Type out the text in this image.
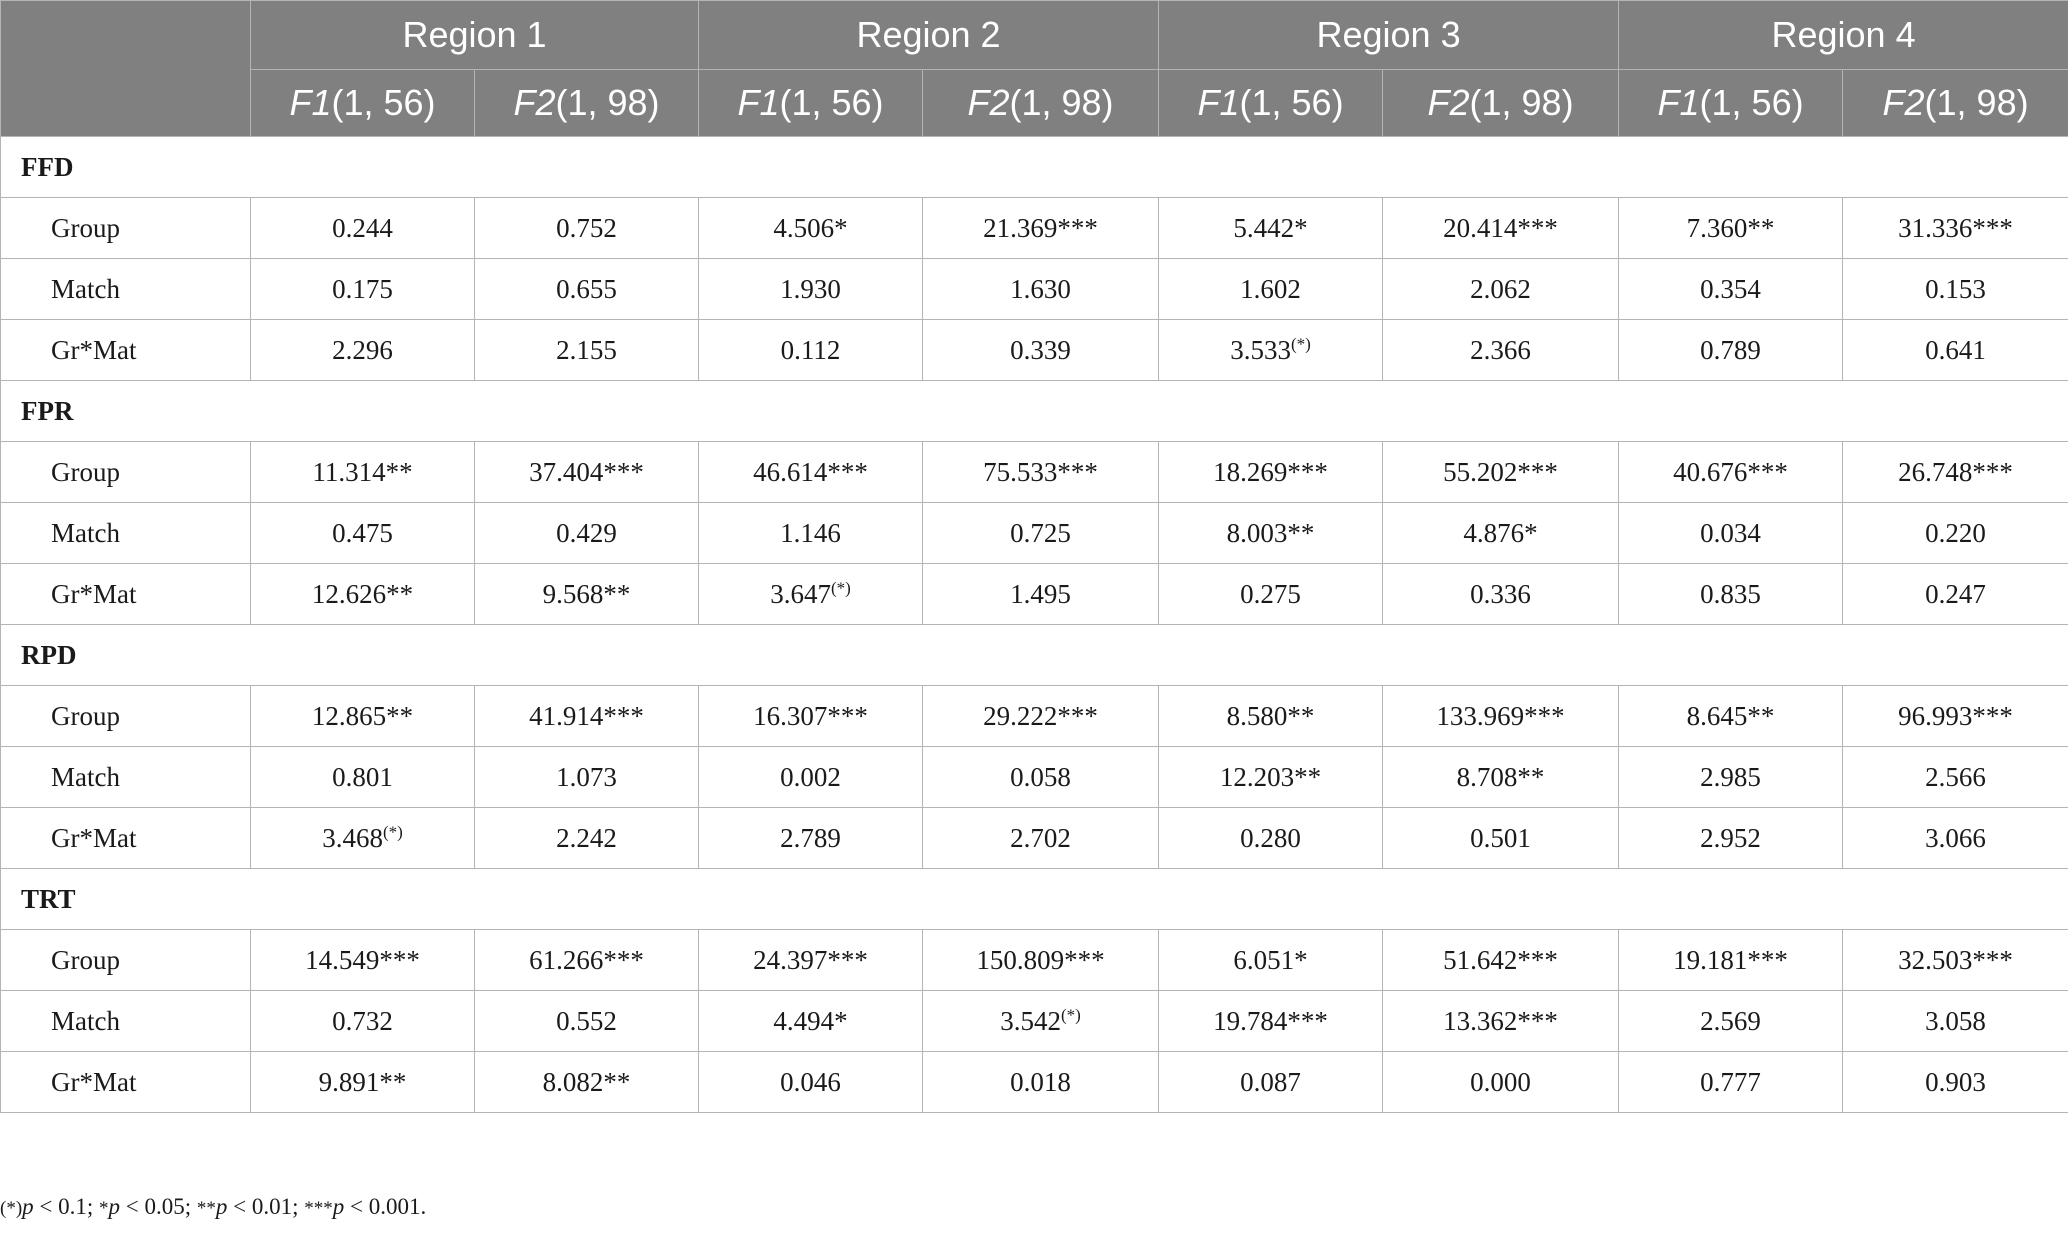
	Region 1		Region 2		Region 3		Region 4	
	F1(1, 56)	F2(1, 98)	F1(1, 56)	F2(1, 98)	F1(1, 56)	F2(1, 98)	F1(1, 56)	F2(1, 98)
FFD								
Group	0.244	0.752	4.506*	21.369***	5.442*	20.414***	7.360**	31.336***
Match	0.175	0.655	1.930	1.630	1.602	2.062	0.354	0.153
Gr*Mat	2.296	2.155	0.112	0.339	3.533(*)	2.366	0.789	0.641
FPR								
Group	11.314**	37.404***	46.614***	75.533***	18.269***	55.202***	40.676***	26.748***
Match	0.475	0.429	1.146	0.725	8.003**	4.876*	0.034	0.220
Gr*Mat	12.626**	9.568**	3.647(*)	1.495	0.275	0.336	0.835	0.247
RPD								
Group	12.865**	41.914***	16.307***	29.222***	8.580**	133.969***	8.645**	96.993***
Match	0.801	1.073	0.002	0.058	12.203**	8.708**	2.985	2.566
Gr*Mat	3.468(*)	2.242	2.789	2.702	0.280	0.501	2.952	3.066
TRT								
Group	14.549***	61.266***	24.397***	150.809***	6.051*	51.642***	19.181***	32.503***
Match	0.732	0.552	4.494*	3.542(*)	19.784***	13.362***	2.569	3.058
Gr*Mat	9.891**	8.082**	0.046	0.018	0.087	0.000	0.777	0.903
(*)p < 0.1; *p < 0.05; **p < 0.01; ***p < 0.001.
